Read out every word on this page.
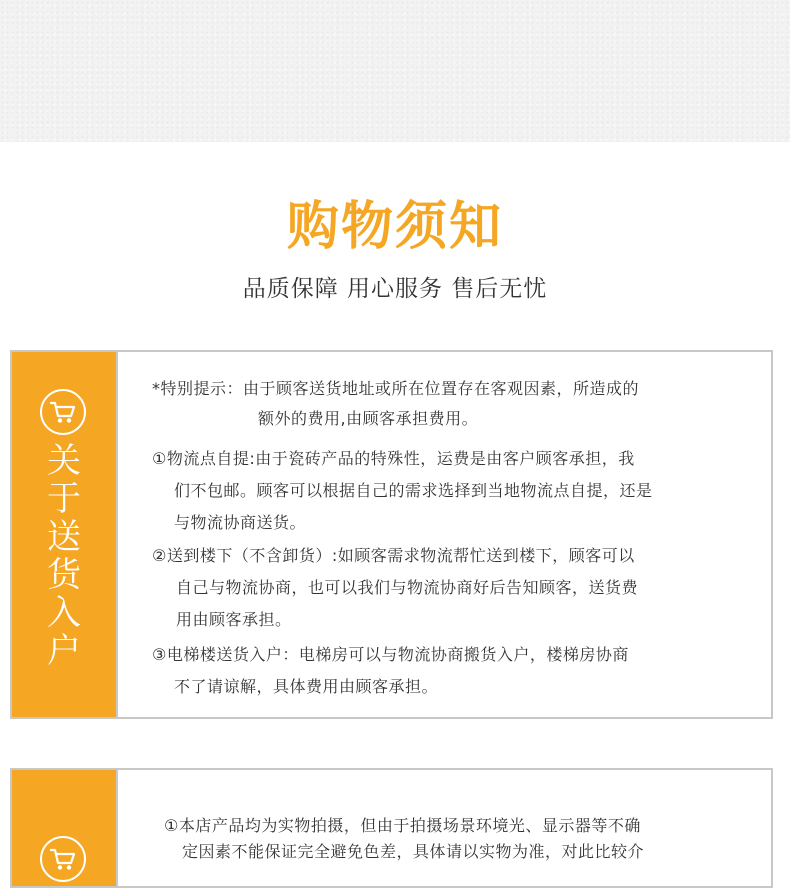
购物须知
品质保障 用心服务 售后无忧
关
于
送
货
入
户
*特别提示：由于顾客送货地址或所在位置存在客观因素，所造成的
额外的费用,由顾客承担费用。
①物流点自提:由于瓷砖产品的特殊性，运费是由客户顾客承担，我
们不包邮。顾客可以根据自己的需求选择到当地物流点自提，还是
与物流协商送货。
②送到楼下（不含卸货）:如顾客需求物流帮忙送到楼下，顾客可以
自己与物流协商，也可以我们与物流协商好后告知顾客，送货费
用由顾客承担。
③电梯楼送货入户：电梯房可以与物流协商搬货入户，楼梯房协商
不了请谅解，具体费用由顾客承担。
①本店产品均为实物拍摄，但由于拍摄场景环境光、显示器等不确
定因素不能保证完全避免色差，具体请以实物为准，对此比较介
